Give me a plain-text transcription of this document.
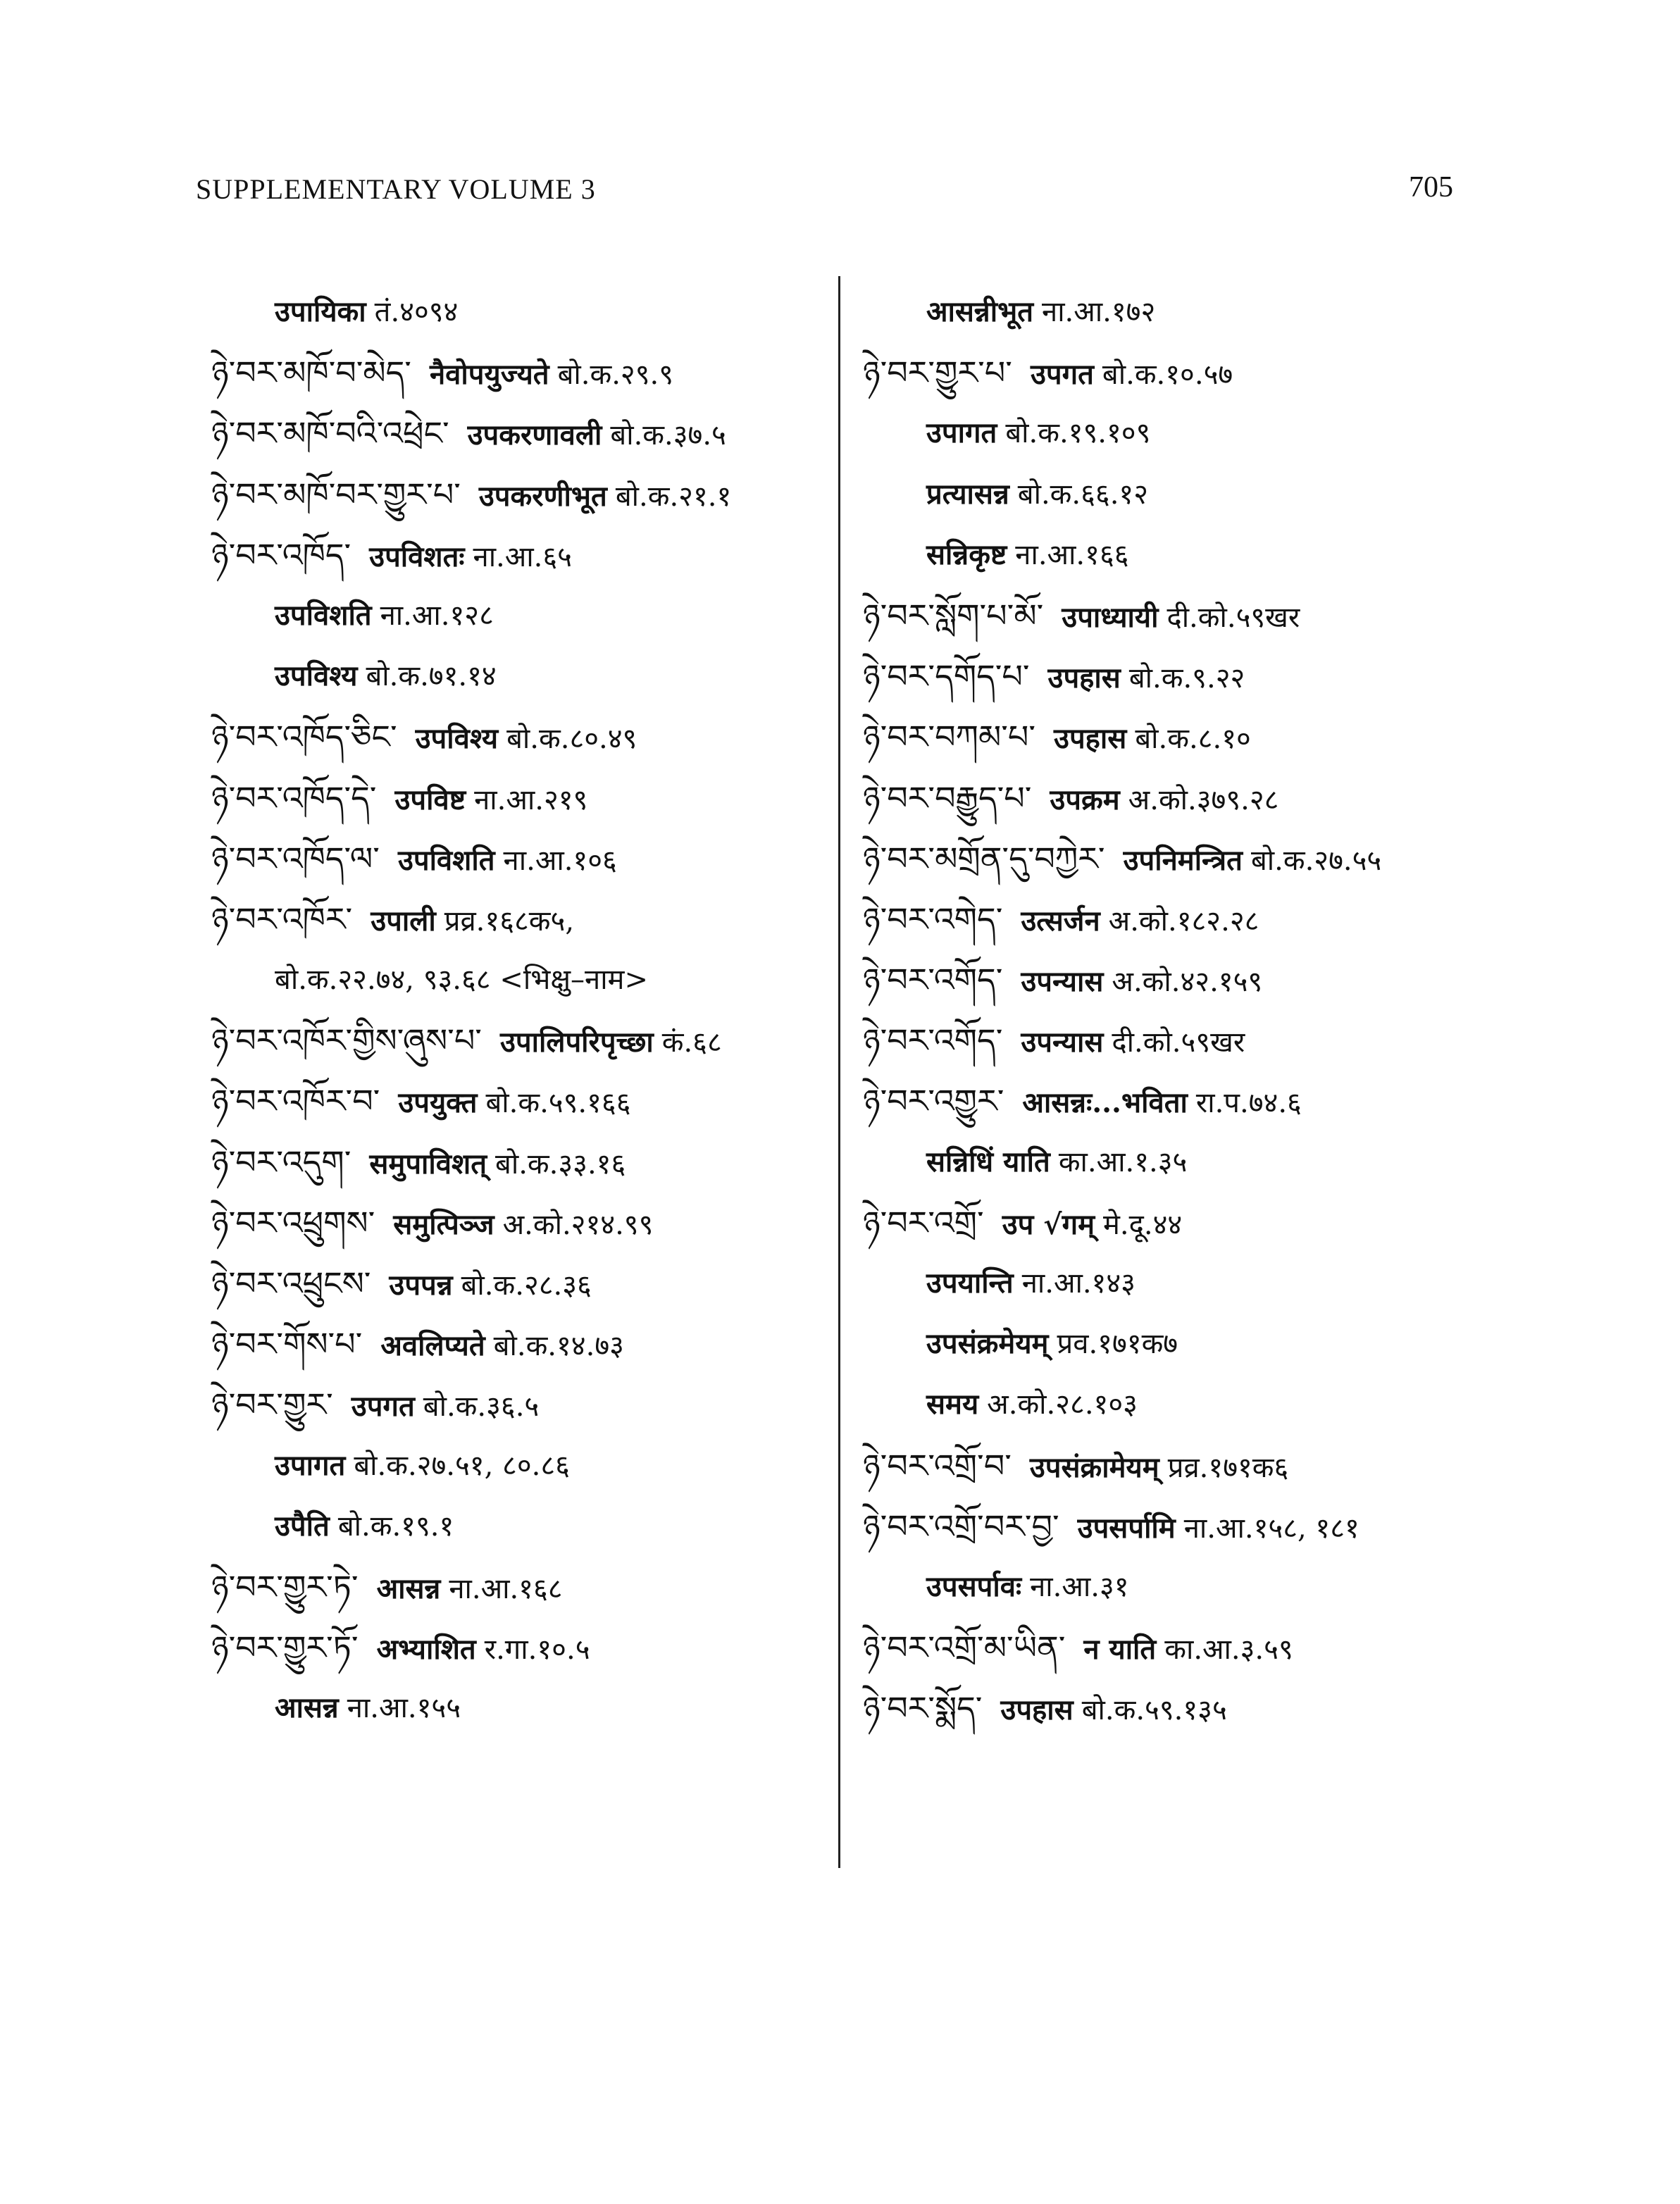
SUPPLEMENTARY VOLUME 3	705
उपायिका तं.४०९४
ཉེ་བར་མཁོ་བ་མེད་ नैवोपयुज्यते बो.क.२९.९
ཉེ་བར་མཁོ་བའི་འཕྲེང་ उपकरणावली बो.क.३७.५
ཉེ་བར་མཁོ་བར་གྱུར་པ་ उपकरणीभूत बो.क.२१.१
ཉེ་བར་འཁོད་ उपविशतः ना.आ.६५
उपविशति ना.आ.१२८
उपविश्य बो.क.७१.१४
ཉེ་བར་འཁོད་ཅིང་ उपविश्य बो.क.८०.४९
ཉེ་བར་འཁོད་དེ་ उपविष्ट ना.आ.२१९
ཉེ་བར་འཁོད་ལ་ उपविशति ना.आ.१०६
ཉེ་བར་འཁོར་ उपाली प्रव्र.१६८क५,
बो.क.२२.७४, ९३.६८ <भिक्षु–नाम>
ཉེ་བར་འཁོར་གྱིས་ཞུས་པ་ उपालिपरिपृच्छा कं.६८
ཉེ་བར་འཁོར་བ་ उपयुक्त बो.क.५९.१६६
ཉེ་བར་འདུག་ समुपाविशत् बो.क.३३.१६
ཉེ་བར་འཕྲུགས་ समुत्पिञ्ज अ.को.२१४.९९
ཉེ་བར་འཕྲུངས་ उपपन्न बो.क.२८.३६
ཉེ་བར་གོས་པ་ अवलिप्यते बो.क.१४.७३
ཉེ་བར་གྱུར་ उपगत बो.क.३६.५
उपागत बो.क.२७.५१, ८०.८६
उपैति बो.क.१९.१
ཉེ་བར་གྱུར་ཏེ་ आसन्न ना.आ.१६८
ཉེ་བར་གྱུར་ཏོ་ अभ्याशित र.गा.१०.५
आसन्न ना.आ.१५५
आसन्नीभूत ना.आ.१७२
ཉེ་བར་གྱུར་པ་ उपगत बो.क.१०.५७
उपागत बो.क.१९.१०९
प्रत्यासन्न बो.क.६६.१२
सन्निकृष्ट ना.आ.१६६
ཉེ་བར་སློག་པ་མོ་ उपाध्यायी दी.को.५९खर
ཉེ་བར་དགོད་པ་ उपहास बो.क.९.२२
ཉེ་བར་བཀམ་པ་ उपहास बो.क.८.१०
ཉེ་བར་བརྒྱུད་པ་ उपक्रम अ.को.३७९.२८
ཉེ་བར་མགྲོན་དུ་བཀྱེར་ उपनिमन्त्रित बो.क.२७.५५
ཉེ་བར་འགེད་ उत्सर्जन अ.को.१८२.२८
ཉེ་བར་འགོད་ उपन्यास अ.को.४२.१५९
ཉེ་བར་འགོད་ उपन्यास दी.को.५९खर
ཉེ་བར་འགྱུར་ आसन्नः...भविता रा.प.७४.६
सन्निधिं याति का.आ.१.३५
ཉེ་བར་འགྲོ་ उप √गम् मे.दू.४४
उपयान्ति ना.आ.१४३
उपसंक्रमेयम् प्रव.१७१क७
समय अ.को.२८.१०३
ཉེ་བར་འགྲོ་བ་ उपसंक्रामेयम् प्रव्र.१७१क६
ཉེ་བར་འགྲོ་བར་བྱ་ उपसर्पामि ना.आ.१५८, १८१
उपसर्पावः ना.आ.३१
ཉེ་བར་འགྲོ་མ་ཡིན་ न याति का.आ.३.५९
ཉེ་བར་སྨོད་ उपहास बो.क.५९.१३५
